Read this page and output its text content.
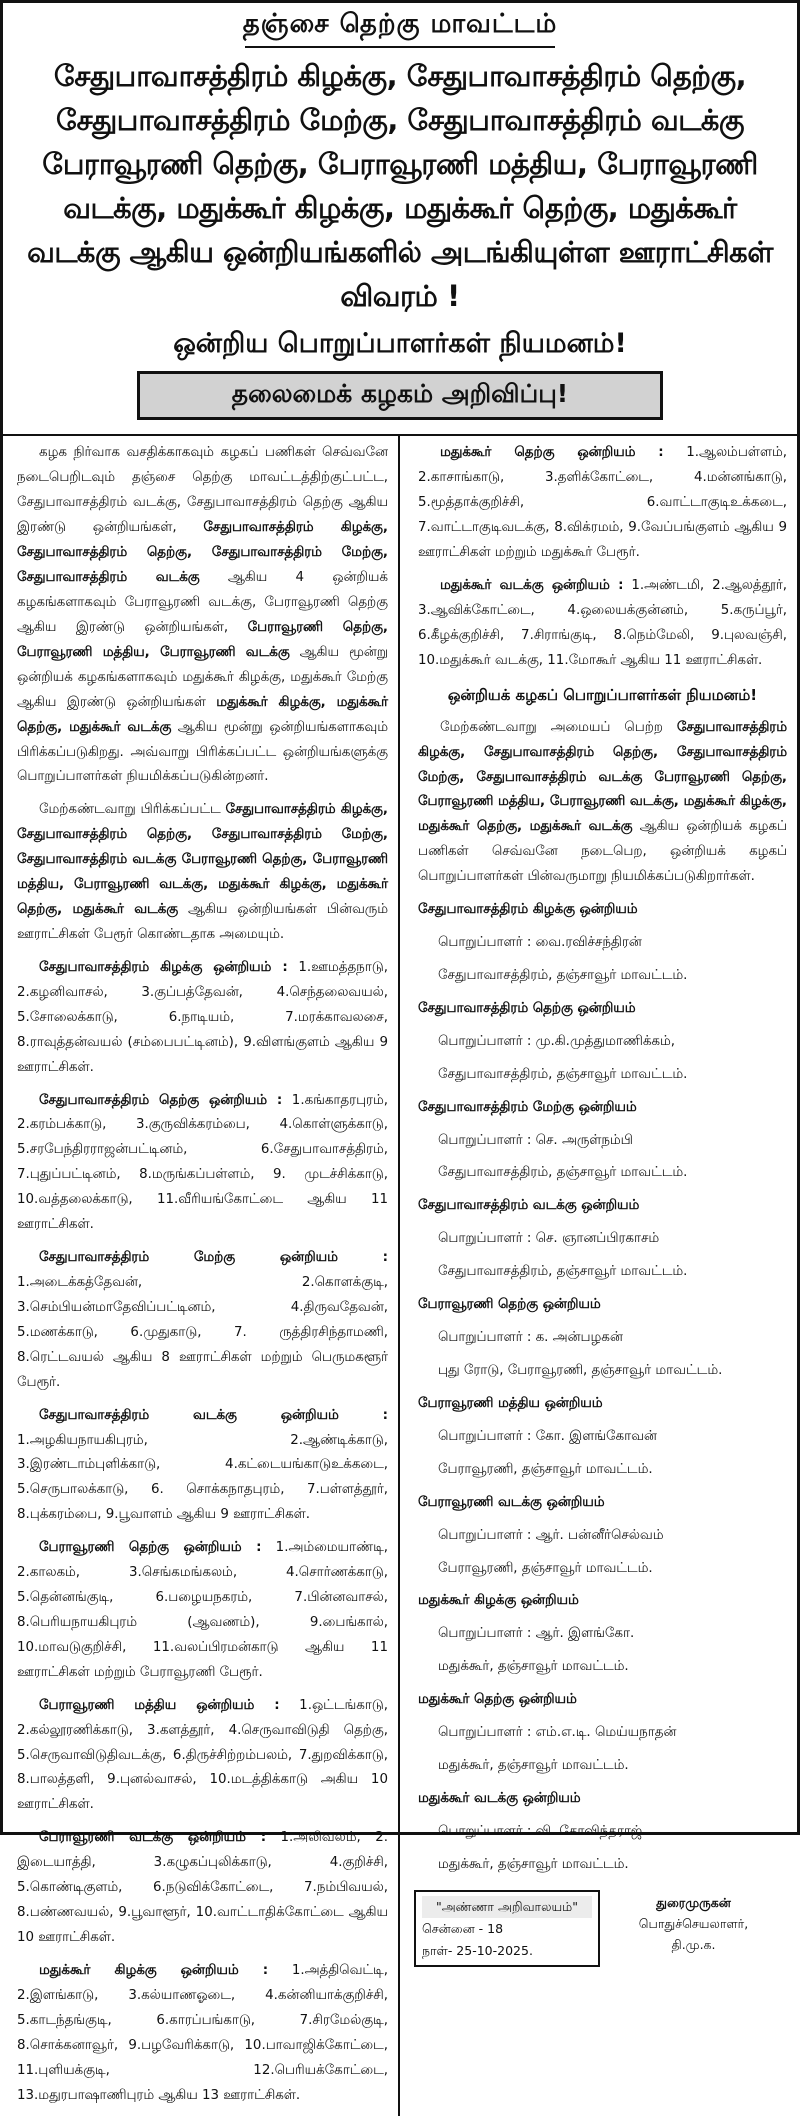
தஞ்சை தெற்கு மாவட்டம்
சேதுபாவாசத்திரம் கிழக்கு, சேதுபாவாசத்திரம் தெற்கு, சேதுபாவாசத்திரம் மேற்கு, சேதுபாவாசத்திரம் வடக்கு பேராவூரணி தெற்கு, பேராவூரணி மத்திய, பேராவூரணி வடக்கு, மதுக்கூர் கிழக்கு, மதுக்கூர் தெற்கு, மதுக்கூர் வடக்கு ஆகிய ஒன்றியங்களில் அடங்கியுள்ள ஊராட்சிகள் விவரம் !
ஒன்றிய பொறுப்பாளர்கள் நியமனம்!
தலைமைக் கழகம் அறிவிப்பு!

கழக நிர்வாக வசதிக்காகவும் கழகப் பணிகள் செவ்வனே நடைபெறிடவும் தஞ்சை தெற்கு மாவட்டத்திற்குட்பட்ட, சேதுபாவாசத்திரம் வடக்கு, சேதுபாவாசத்திரம் தெற்கு ஆகிய இரண்டு ஒன்றியங்கள், சேதுபாவாசத்திரம் கிழக்கு, சேதுபாவாசத்திரம் தெற்கு, சேதுபாவாசத்திரம் மேற்கு, சேதுபாவாசத்திரம் வடக்கு ஆகிய 4 ஒன்றியக் கழகங்களாகவும் பேராவூரணி வடக்கு, பேராவூரணி தெற்கு ஆகிய இரண்டு ஒன்றியங்கள், பேராவூரணி தெற்கு, பேராவூரணி மத்திய, பேராவூரணி வடக்கு ஆகிய மூன்று ஒன்றியக் கழகங்களாகவும் மதுக்கூர் கிழக்கு, மதுக்கூர் மேற்கு ஆகிய இரண்டு ஒன்றியங்கள் மதுக்கூர் கிழக்கு, மதுக்கூர் தெற்கு, மதுக்கூர் வடக்கு ஆகிய மூன்று ஒன்றியங்களாகவும் பிரிக்கப்படுகிறது. அவ்வாறு பிரிக்கப்பட்ட ஒன்றியங்களுக்கு பொறுப்பாளர்கள் நியமிக்கப்படுகின்றனர்.

மேற்கண்டவாறு பிரிக்கப்பட்ட சேதுபாவாசத்திரம் கிழக்கு, சேதுபாவாசத்திரம் தெற்கு, சேதுபாவாசத்திரம் மேற்கு, சேதுபாவாசத்திரம் வடக்கு பேராவூரணி தெற்கு, பேராவூரணி மத்திய, பேராவூரணி வடக்கு, மதுக்கூர் கிழக்கு, மதுக்கூர் தெற்கு, மதுக்கூர் வடக்கு ஆகிய ஒன்றியங்கள் பின்வரும் ஊராட்சிகள் பேரூர் கொண்டதாக அமையும்.

சேதுபாவாசத்திரம் கிழக்கு ஒன்றியம் : 1.ஊமத்தநாடு, 2.கழனிவாசல், 3.குப்பத்தேவன், 4.செந்தலைவயல், 5.சோலைக்காடு, 6.நாடியம், 7.மரக்காவலசை, 8.ராவுத்தன்வயல் (சம்பைபட்டினம்), 9.விளங்குளம் ஆகிய 9 ஊராட்சிகள்.

சேதுபாவாசத்திரம் தெற்கு ஒன்றியம் : 1.கங்காதரபுரம், 2.கரம்பக்காடு, 3.குருவிக்கரம்பை, 4.கொள்ளுக்காடு, 5.சரபேந்திரராஜன்பட்டினம், 6.சேதுபாவாசத்திரம், 7.புதுப்பட்டினம், 8.மருங்கப்பள்ளம், 9. முடச்சிக்காடு, 10.வத்தலைக்காடு, 11.வீரியங்கோட்டை ஆகிய 11 ஊராட்சிகள்.

சேதுபாவாசத்திரம் மேற்கு ஒன்றியம் : 1.அடைக்கத்தேவன், 2.கொளக்குடி, 3.செம்பியன்மாதேவிப்பட்டினம், 4.திருவதேவன், 5.மணக்காடு, 6.முதுகாடு, 7. ருத்திரசிந்தாமணி, 8.ரெட்டவயல் ஆகிய 8 ஊராட்சிகள் மற்றும் பெருமகளூர் பேரூர்.

சேதுபாவாசத்திரம் வடக்கு ஒன்றியம் : 1.அழகியநாயகிபுரம், 2.ஆண்டிக்காடு, 3.இரண்டாம்புளிக்காடு, 4.கட்டையங்காடுஉக்கடை, 5.செருபாலக்காடு, 6. சொக்கநாதபுரம், 7.பள்ளத்தூர், 8.புக்கரம்பை, 9.பூவாளம் ஆகிய 9 ஊராட்சிகள்.

பேராவூரணி தெற்கு ஒன்றியம் : 1.அம்மையாண்டி, 2.காலகம், 3.செங்கமங்கலம், 4.சொர்ணக்காடு, 5.தென்னங்குடி, 6.பழையநகரம், 7.பின்னவாசல், 8.பெரியநாயகிபுரம் (ஆவணம்), 9.பைங்கால், 10.மாவடுகுறிச்சி, 11.வலப்பிரமன்காடு ஆகிய 11 ஊராட்சிகள் மற்றும் பேராவூரணி பேரூர்.

பேராவூரணி மத்திய ஒன்றியம் : 1.ஒட்டங்காடு, 2.கல்லூரணிக்காடு, 3.களத்தூர், 4.செருவாவிடுதி தெற்கு, 5.செருவாவிடுதிவடக்கு, 6.திருச்சிற்றம்பலம், 7.துறவிக்காடு, 8.பாலத்தளி, 9.புனல்வாசல், 10.மடத்திக்காடு அகிய 10 ஊராட்சிகள்.

பேராவூரணி வடக்கு ஒன்றியம் : 1.அலிவலம், 2. இடையாத்தி, 3.கழுகப்புலிக்காடு, 4.குறிச்சி, 5.கொண்டிகுளம், 6.நடுவிக்கோட்டை, 7.நம்பிவயல், 8.பண்ணவயல், 9.பூவாளூர், 10.வாட்டாதிக்கோட்டை ஆகிய 10 ஊராட்சிகள்.

மதுக்கூர் கிழக்கு ஒன்றியம் : 1.அத்திவெட்டி, 2.இளங்காடு, 3.கல்யாணஓடை, 4.கன்னியாக்குறிச்சி, 5.காடந்தங்குடி, 6.காரப்பங்காடு, 7.சிரமேல்குடி, 8.சொக்கனாவூர், 9.பழவேரிக்காடு, 10.பாவாஜிக்கோட்டை, 11.புளியக்குடி, 12.பெரியக்கோட்டை, 13.மதுரபாஷாணிபுரம் ஆகிய 13 ஊராட்சிகள்.

மதுக்கூர் தெற்கு ஒன்றியம் : 1.ஆலம்பள்ளம், 2.காசாங்காடு, 3.தளிக்கோட்டை, 4.மன்னங்காடு, 5.மூத்தாக்குறிச்சி, 6.வாட்டாகுடிஉக்கடை, 7.வாட்டாகுடிவடக்கு, 8.விக்ரமம், 9.வேப்பங்குளம் ஆகிய 9 ஊராட்சிகள் மற்றும் மதுக்கூர் பேரூர்.

மதுக்கூர் வடக்கு ஒன்றியம் : 1.அண்டமி, 2.ஆலத்தூர், 3.ஆவிக்கோட்டை, 4.ஒலையக்குன்னம், 5.கருப்பூர், 6.கீழக்குறிச்சி, 7.சிராங்குடி, 8.நெம்மேலி, 9.புலவஞ்சி, 10.மதுக்கூர் வடக்கு, 11.மோகூர் ஆகிய 11 ஊராட்சிகள்.

ஒன்றியக் கழகப் பொறுப்பாளர்கள் நியமனம்!

மேற்கண்டவாறு அமையப் பெற்ற சேதுபாவாசத்திரம் கிழக்கு, சேதுபாவாசத்திரம் தெற்கு, சேதுபாவாசத்திரம் மேற்கு, சேதுபாவாசத்திரம் வடக்கு பேராவூரணி தெற்கு, பேராவூரணி மத்திய, பேராவூரணி வடக்கு, மதுக்கூர் கிழக்கு, மதுக்கூர் தெற்கு, மதுக்கூர் வடக்கு ஆகிய ஒன்றியக் கழகப் பணிகள் செவ்வனே நடைபெற, ஒன்றியக் கழகப் பொறுப்பாளர்கள் பின்வருமாறு நியமிக்கப்படுகிறார்கள்.

சேதுபாவாசத்திரம் கிழக்கு ஒன்றியம்

பொறுப்பாளர் : வை.ரவிச்சந்திரன்

சேதுபாவாசத்திரம், தஞ்சாவூர் மாவட்டம்.

சேதுபாவாசத்திரம் தெற்கு ஒன்றியம்

பொறுப்பாளர் : மு.கி.முத்துமாணிக்கம்,

சேதுபாவாசத்திரம், தஞ்சாவூர் மாவட்டம்.

சேதுபாவாசத்திரம் மேற்கு ஒன்றியம்

பொறுப்பாளர் : செ. அருள்நம்பி

சேதுபாவாசத்திரம், தஞ்சாவூர் மாவட்டம்.

சேதுபாவாசத்திரம் வடக்கு ஒன்றியம்

பொறுப்பாளர் : செ. ஞானப்பிரகாசம்

சேதுபாவாசத்திரம், தஞ்சாவூர் மாவட்டம்.

பேராவூரணி தெற்கு ஒன்றியம்

பொறுப்பாளர் : க. அன்பழகன்

புது ரோடு, பேராவூரணி, தஞ்சாவூர் மாவட்டம்.

பேராவூரணி மத்திய ஒன்றியம்

பொறுப்பாளர் : கோ. இளங்கோவன்

பேராவூரணி, தஞ்சாவூர் மாவட்டம்.

பேராவூரணி வடக்கு ஒன்றியம்

பொறுப்பாளர் : ஆர். பன்னீர்செல்வம்

பேராவூரணி, தஞ்சாவூர் மாவட்டம்.

மதுக்கூர் கிழக்கு ஒன்றியம்

பொறுப்பாளர் : ஆர். இளங்கோ.

மதுக்கூர், தஞ்சாவூர் மாவட்டம்.

மதுக்கூர் தெற்கு ஒன்றியம்

பொறுப்பாளர் : எம்.எ.டி. மெய்யநாதன்

மதுக்கூர், தஞ்சாவூர் மாவட்டம்.

மதுக்கூர் வடக்கு ஒன்றியம்

பொறுப்பாளர் : வி. கோவிந்தராஜ்

மதுக்கூர், தஞ்சாவூர் மாவட்டம்.

"அண்ணா அறிவாலயம்"
சென்னை - 18
நாள்- 25-10-2025.
துரைமுருகன்
பொதுச்செயலாளர்,
தி.மு.க.
